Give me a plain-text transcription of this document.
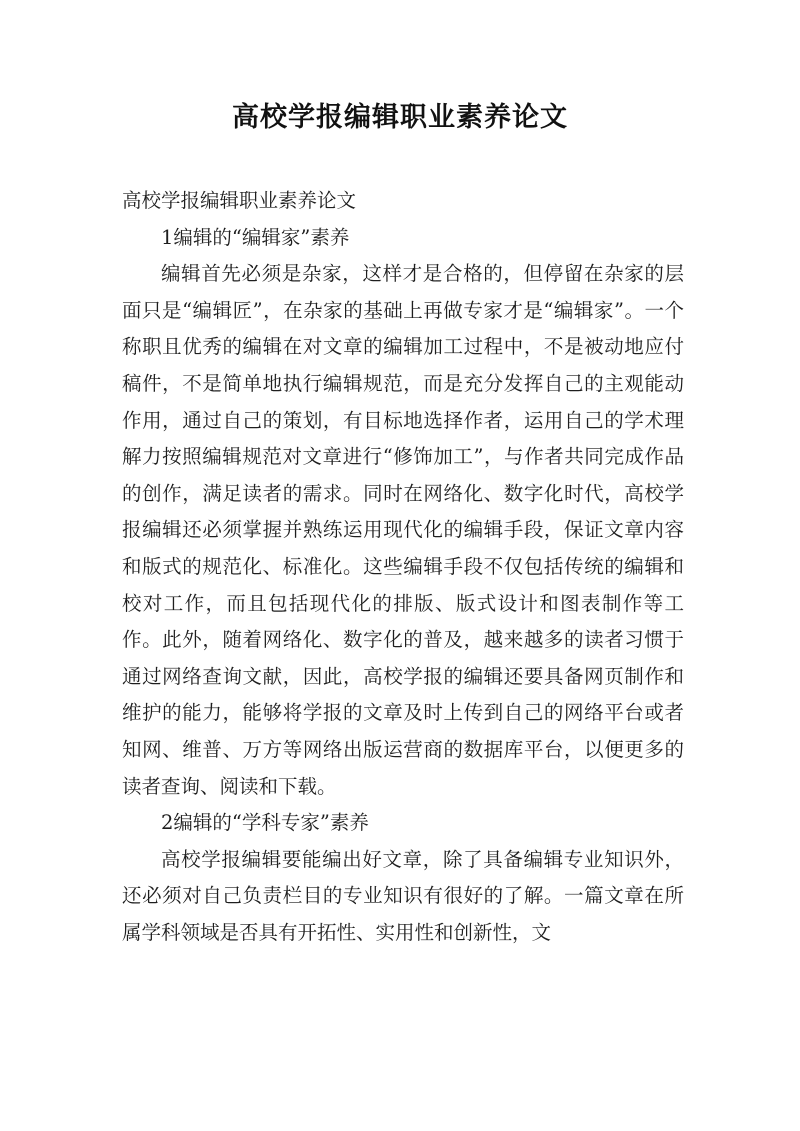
高校学报编辑职业素养论文

高校学报编辑职业素养论文

1编辑的“编辑家”素养

编辑首先必须是杂家，这样才是合格的，但停留在杂家的层面只是“编辑匠”，在杂家的基础上再做专家才是“编辑家”。一个称职且优秀的编辑在对文章的编辑加工过程中，不是被动地应付稿件，不是简单地执行编辑规范，而是充分发挥自己的主观能动作用，通过自己的策划，有目标地选择作者，运用自己的学术理解力按照编辑规范对文章进行“修饰加工”，与作者共同完成作品的创作，满足读者的需求。同时在网络化、数字化时代，高校学报编辑还必须掌握并熟练运用现代化的编辑手段，保证文章内容和版式的规范化、标准化。这些编辑手段不仅包括传统的编辑和校对工作，而且包括现代化的排版、版式设计和图表制作等工作。此外，随着网络化、数字化的普及，越来越多的读者习惯于通过网络查询文献，因此，高校学报的编辑还要具备网页制作和维护的能力，能够将学报的文章及时上传到自己的网络平台或者知网、维普、万方等网络出版运营商的数据库平台，以便更多的读者查询、阅读和下载。

2编辑的“学科专家”素养

高校学报编辑要能编出好文章，除了具备编辑专业知识外，还必须对自己负责栏目的专业知识有很好的了解。一篇文章在所属学科领域是否具有开拓性、实用性和创新性，文
